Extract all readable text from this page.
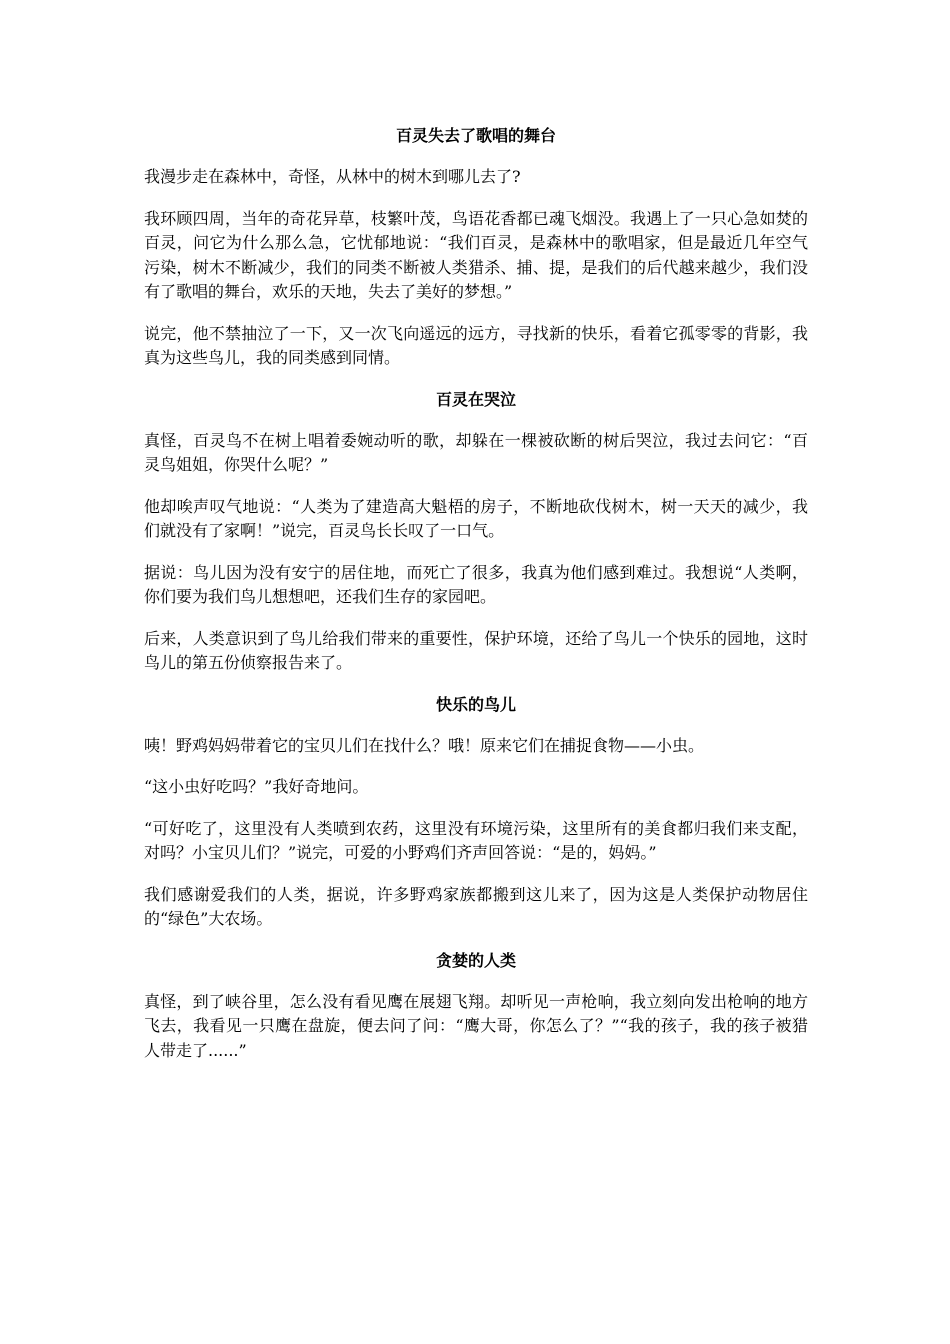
百灵失去了歌唱的舞台

我漫步走在森林中，奇怪，从林中的树木到哪儿去了?

我环顾四周，当年的奇花异草，枝繁叶茂，鸟语花香都已魂飞烟没。我遇上了一只心急如焚的百灵，问它为什么那么急，它忧郁地说：“我们百灵，是森林中的歌唱家，但是最近几年空气污染，树木不断减少，我们的同类不断被人类猎杀、捕、提，是我们的后代越来越少，我们没有了歌唱的舞台，欢乐的天地，失去了美好的梦想。”

说完，他不禁抽泣了一下，又一次飞向遥远的远方，寻找新的快乐，看着它孤零零的背影，我真为这些鸟儿，我的同类感到同情。

百灵在哭泣

真怪，百灵鸟不在树上唱着委婉动听的歌，却躲在一棵被砍断的树后哭泣，我过去问它：“百灵鸟姐姐，你哭什么呢？”

他却唉声叹气地说：“人类为了建造高大魁梧的房子，不断地砍伐树木，树一天天的减少，我们就没有了家啊！”说完，百灵鸟长长叹了一口气。

据说：鸟儿因为没有安宁的居住地，而死亡了很多，我真为他们感到难过。我想说“人类啊，你们要为我们鸟儿想想吧，还我们生存的家园吧。

后来，人类意识到了鸟儿给我们带来的重要性，保护环境，还给了鸟儿一个快乐的园地，这时鸟儿的第五份侦察报告来了。

快乐的鸟儿

咦！野鸡妈妈带着它的宝贝儿们在找什么？哦！原来它们在捕捉食物——小虫。

“这小虫好吃吗？”我好奇地问。

“可好吃了，这里没有人类喷到农药，这里没有环境污染，这里所有的美食都归我们来支配，对吗？小宝贝儿们？”说完，可爱的小野鸡们齐声回答说：“是的，妈妈。”

我们感谢爱我们的人类，据说，许多野鸡家族都搬到这儿来了，因为这是人类保护动物居住的“绿色”大农场。

贪婪的人类

真怪，到了峡谷里，怎么没有看见鹰在展翅飞翔。却听见一声枪响，我立刻向发出枪响的地方飞去，我看见一只鹰在盘旋，便去问了问：“鹰大哥，你怎么了？”“我的孩子，我的孩子被猎人带走了......”
